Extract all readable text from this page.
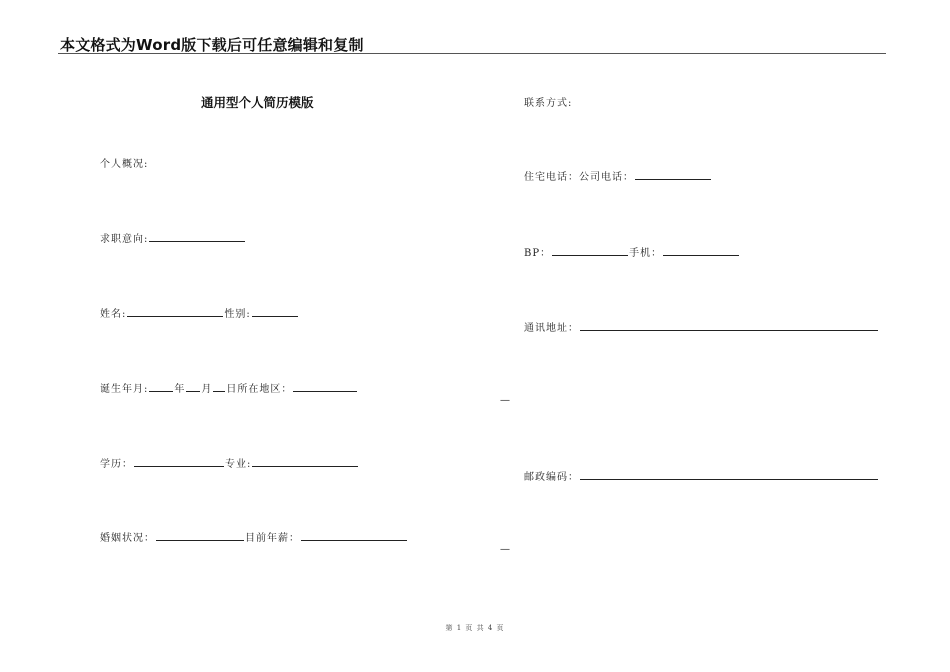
本文格式为Word版下载后可任意编辑和复制
通用型个人简历模版
个人概况:
求职意向:
姓名:	性别:
诞生年月:	年 月 日所在地区：
学历：	专业:
婚姻状况：	目前年薪：
联系方式:
住宅电话：公司电话：
BP：	手机：
通讯地址：
—
邮政编码：
—
第 1 页 共 4 页
